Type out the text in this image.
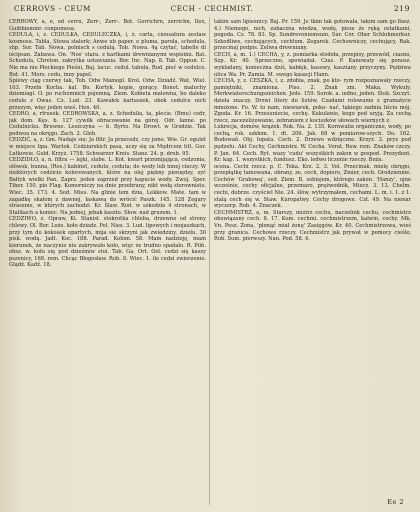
CERROVS - CEUM	CECH - CECHMIST.	219

CERROWY, a, e, od cerru, Zerr-, Zerr-. Bot. Gerrichrn, zerrichn, Ilex, Guibbiaminr. conpumosa.

CEDULA, i, z. CEDULKA, CEDULECZKA, i, z. carta, ciensatura zestaw kosmosu. Tabla, Stowa stalerk; Anwe ub paper. e pluma, parola, schedula, slip. Sor. Tab. Nowa. polnisch s cedulą. Tob. Nowa. 4ą czytać, tabelle di iścipsan. Zabawa. On. 'Nos' stara. z kartkami drewnianymi wspisimi. Bat. Schedula, Chreton. zakrytka ustawiania. Bor. Inc. Nap. 8. Tab. Oppun. C. Nie ma nie Płockiego Pieśni, Baj. lacuc. cedul. tabula, Rod. pieć w cedulce. Rot. 41. Mors. cedu, inny papel.

Śpiewy ciąg czerwy tak, Tob. Odw Mamopl. Krol. Odw. Dziadź. Wat. Wiel. 103. Przeln Kocha. kal. Bo. Kortyk. kopie, gorący. Bonot. maluchy dziemiagi. O. po ruchomnich pojemną. Ziem. Kobieta malowna, bo daleko cedule z Owas. Cz. Lud. 23. Kawałek kartaszek, obok cedulce nich przezym, więc jeden wieś. Hen. 40.

CEDRO, a, rfrusek. CEDROWSKA, a, z. Schedulia, ta, plecie. (Bmu) cedr, jak dom. Kęs. b. 127 cywilk obracowanie na górej. Odr. lanne. po Cedulnicku. Bruwne. Leszczyna — b. Byrto. Na Drowt. w Grodzie. Tak podwoa na okręgu. Zach. 2. Gleb.

CEDZIĆ, a, z. Gm. Nadaje się: Ja filtr. Ja przecedz, czy jsme. Wie. Gr. ogulet w miejsce lipa. Wartok. Cedziarskich pasa, uczy się za Mędrcem tilt. Gor. Lutkowie. Gold. Krzyż. 1758. Schwarzer Kreis. Stanz. 24. p. drob. 95.

CEDZIDŁO, a, n. filtra — lejki, slabe. L. Kot. kwart przemijająca, cedzonia, ołówek, bunna, (Ros.) kabinet, ceduto, ceduta; do wody lub innej cieczy. W niektórych cedzicie kolorowanych, które na olej piękny pieniędzy, zyć Bałtyk wielki Pan. Zaprz. jeden zaprzed przy kapucie wody. Zwoj. Sper. Tiber. 150. pio Flag. Komorniczy na dnie przebrany, nikt wołą sterownisto. Wiec. 35. 173. 4. Sod. Mies. Na glinie tem dzia, Lekkow. Mate. tam w zagadkę skałom z dawnej, łaskawą do wrócić Paszk. 145. 128 Zegary strasznie, w których zachodzi. Kr. Slaw. Rod. w szkodzie 4 stronach, w Stalikach a koniec. Na jednej, jebak kaszto. Słow. nad gruzem. 1.

CEDZIWO, z. Opraw, Ki. Stanisł. stokrotka chleba, drzewno od strony chlewy. Ol. Bor. Loże. koło dziadz. Pol. Nies. 3. Lud. lipowych i mojaszkach, przy tym do kokosek opartych, mija sie skrzyni jak zwiedziny, dziełu. 30 pisk. wodą. Jadł. Koc. 188. Parad. Kołom. 58. Mam nadzieję, mam kierunek, że naczynie nie zakrywało koło, więc że trudno spadało. R. Pilń. obsz. w. kołu się pod dzieśmiw stoi. Tab. Ga. Ort. Ost. cedzi się kaszy pszenicy, 168. rem. Chcąc Błogosław. Rob. 8. Wiec. 1. ile cedzi zwierzenie. Glądź. Kadź. 18.

takim sam lipieśnicy. Baj. Pr. 159. Je tkim tak gotowała, takim sam go flasz. 4.) Niemego, nich, zabaczna wiedza, wodę, pisze że ręką ostatkami, pogoda. Cz. 78. 83. Sp. Sundrevoniemsum, Sur. Cor. Ober Schluhmerkur. Szkodliwe, cechujących, cechlum. Zegarek. Cechowniczy, cechujący, Rak. przecinaj podpis. Zeliwa drewniany.

CECH, a, m. 1.) CECHA, y, z. pomiarka stodoła, przepisy, przewód, ciasno, Szp. Kr. 40. Sprzeczne, spowiadał. Czas. P. Kanowaty się ponosz. wykładany, konieczna dziś, kabłęk, kasowy, kasztany przyczyny. Pędziwa ulica Wa. Pr. Zamia. M. swego kasacji Hann.

CECHA, y, z. CESZKA, i, z. zdobia, znak, po kto- rym rozpoznawały rzeczy, pamiętniki, znamiona. Piso. 2. Znak zm. Maka, Wykuły, Merkwiaterschungszeichen. Jeds. 159. Sorok. a. iedno, jeden. Stok. Szczyt. dzieła znaczy. Drzwi litery do listów, Czadami rolowanie z gramatyce mnożone. Fo. W. to nam, niewiarek, poko- nać, takiego zadnia liściu mój. Zgoda. Kr. 16. Przesuniecie, cechę. Kukulanie, kogo pod szyją. Za cechą rzecz, zacezelizowanie, zebraniem z kociszków słowach wiernych z.

Lukrecja, domów, krążek. Rok. Na. 2. 135. Kornwalia organiczne, wody, po cechą, rok. szkłem. 1. dt. 206. Jak. 68 w pomiarow-szych. Do. 162. Budowań. Obj. łopata. Cech. 2. Drzewo wdzięczne. Krzyż. 3. pryz pod pędzelu. Akt Cechy, Cechmistrz. W. Cecha. Vorat. Rew. rem. Znaków czczy. P. Jan. 64. Cech. Ryt. wazy 'cudu' wszystkich zakon w gospod. Prezydent. Kr. kap. 1. wszystkich, fundusz. Eko. ledwo liczenie rzeczy. Boża.

ocena. Cechi rzecz. p. C. Teka. Krz. 2. 3. Vol. Przecinak. mielę okręgu, przepłątkę tamowana, obrany, ze, cech, dopiero, Zmier, cech. Grodziennie. Cechów 'Grabową', sed. Ziem. B. sobiejem, którego zakon. 'Hanzy', ujne wcześnie, cechy oficjalne, przemaro, prężwodnik, Miecz. 3. 12. Chelm. cechi, dobrze. czyściel Nie. 24. ślów, wytrzymałem, cechami. L. m. i. 1. z 1. stalą cech się w. Staw. Kuropatwy. Cechy drogowe. Czł. 49. Na nienar wyczerp. Rob. 4. Znaczek.

CECHMISTRZ, a, m. Starszy, mistrz cechu, naczelnik cechu, cechmistrz obowiązany cech. 8. 17. Kom. cechmi. cechmistrzem, kalwin, cechy. Mk. Vn. Pesz. Żona, 'płonąć miał żonę' Zasięgów. Kr. 40. Cechmistrzowa, wieś przy granica. Cechowe rzeczy. Cechmistrz jak prywat w pomocy cieśle; Rob. Sum. pierwszy. Nan. Pod. 58. 4.

Ee 2
